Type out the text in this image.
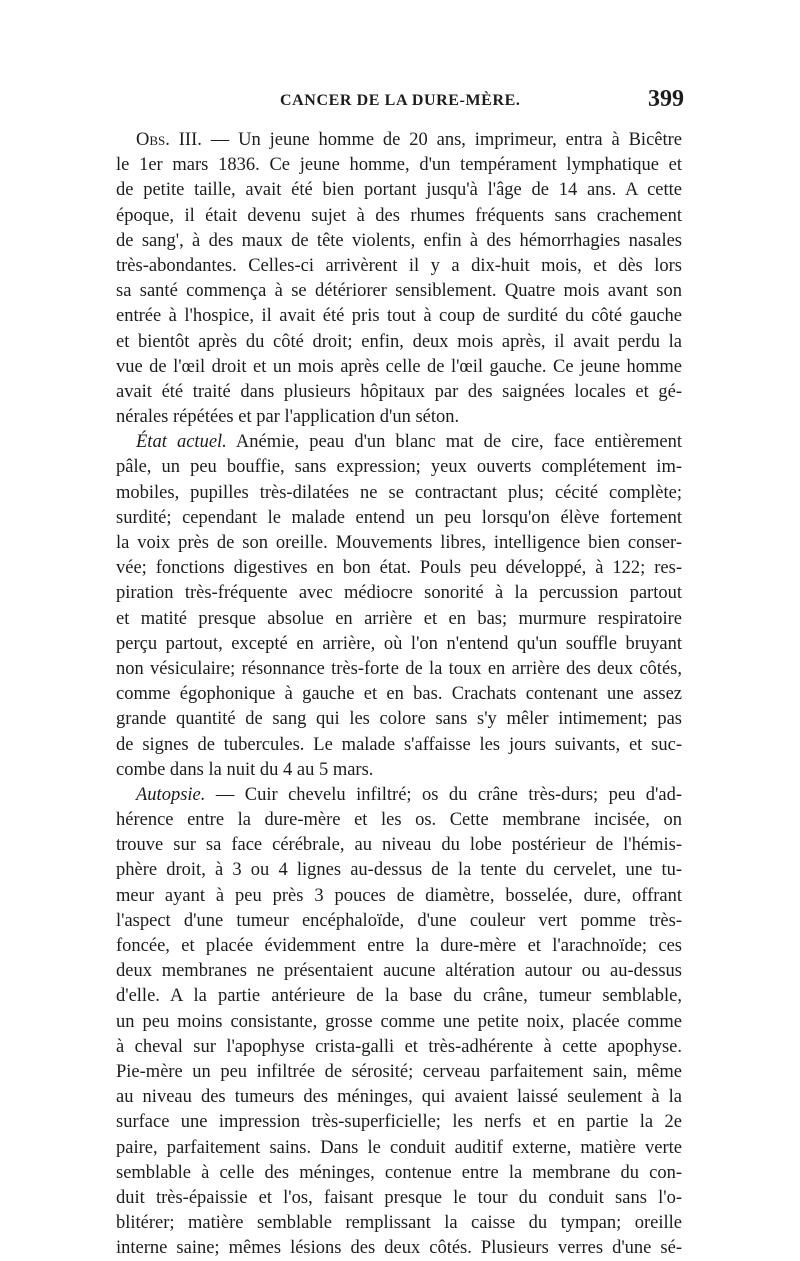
CANCER DE LA DURE-MÈRE.	399
Obs. III. — Un jeune homme de 20 ans, imprimeur, entra à Bicêtre
le 1er mars 1836. Ce jeune homme, d'un tempérament lymphatique et
de petite taille, avait été bien portant jusqu'à l'âge de 14 ans. A cette
époque, il était devenu sujet à des rhumes fréquents sans crachement
de sang', à des maux de tête violents, enfin à des hémorrhagies nasales
très-abondantes. Celles-ci arrivèrent il y a dix-huit mois, et dès lors
sa santé commença à se détériorer sensiblement. Quatre mois avant son
entrée à l'hospice, il avait été pris tout à coup de surdité du côté gauche
et bientôt après du côté droit; enfin, deux mois après, il avait perdu la
vue de l'œil droit et un mois après celle de l'œil gauche. Ce jeune homme
avait été traité dans plusieurs hôpitaux par des saignées locales et gé-
nérales répétées et par l'application d'un séton.
État actuel. Anémie, peau d'un blanc mat de cire, face entièrement
pâle, un peu bouffie, sans expression; yeux ouverts complétement im-
mobiles, pupilles très-dilatées ne se contractant plus; cécité complète;
surdité; cependant le malade entend un peu lorsqu'on élève fortement
la voix près de son oreille. Mouvements libres, intelligence bien conser-
vée; fonctions digestives en bon état. Pouls peu développé, à 122; res-
piration très-fréquente avec médiocre sonorité à la percussion partout
et matité presque absolue en arrière et en bas; murmure respiratoire
perçu partout, excepté en arrière, où l'on n'entend qu'un souffle bruyant
non vésiculaire; résonnance très-forte de la toux en arrière des deux côtés,
comme égophonique à gauche et en bas. Crachats contenant une assez
grande quantité de sang qui les colore sans s'y mêler intimement; pas
de signes de tubercules. Le malade s'affaisse les jours suivants, et suc-
combe dans la nuit du 4 au 5 mars.
Autopsie. — Cuir chevelu infiltré; os du crâne très-durs; peu d'ad-
hérence entre la dure-mère et les os. Cette membrane incisée, on
trouve sur sa face cérébrale, au niveau du lobe postérieur de l'hémis-
phère droit, à 3 ou 4 lignes au-dessus de la tente du cervelet, une tu-
meur ayant à peu près 3 pouces de diamètre, bosselée, dure, offrant
l'aspect d'une tumeur encéphaloïde, d'une couleur vert pomme très-
foncée, et placée évidemment entre la dure-mère et l'arachnoïde; ces
deux membranes ne présentaient aucune altération autour ou au-dessus
d'elle. A la partie antérieure de la base du crâne, tumeur semblable,
un peu moins consistante, grosse comme une petite noix, placée comme
à cheval sur l'apophyse crista-galli et très-adhérente à cette apophyse.
Pie-mère un peu infiltrée de sérosité; cerveau parfaitement sain, même
au niveau des tumeurs des méninges, qui avaient laissé seulement à la
surface une impression très-superficielle; les nerfs et en partie la 2e
paire, parfaitement sains. Dans le conduit auditif externe, matière verte
semblable à celle des méninges, contenue entre la membrane du con-
duit très-épaissie et l'os, faisant presque le tour du conduit sans l'o-
blitérer; matière semblable remplissant la caisse du tympan; oreille
interne saine; mêmes lésions des deux côtés. Plusieurs verres d'une sé-
